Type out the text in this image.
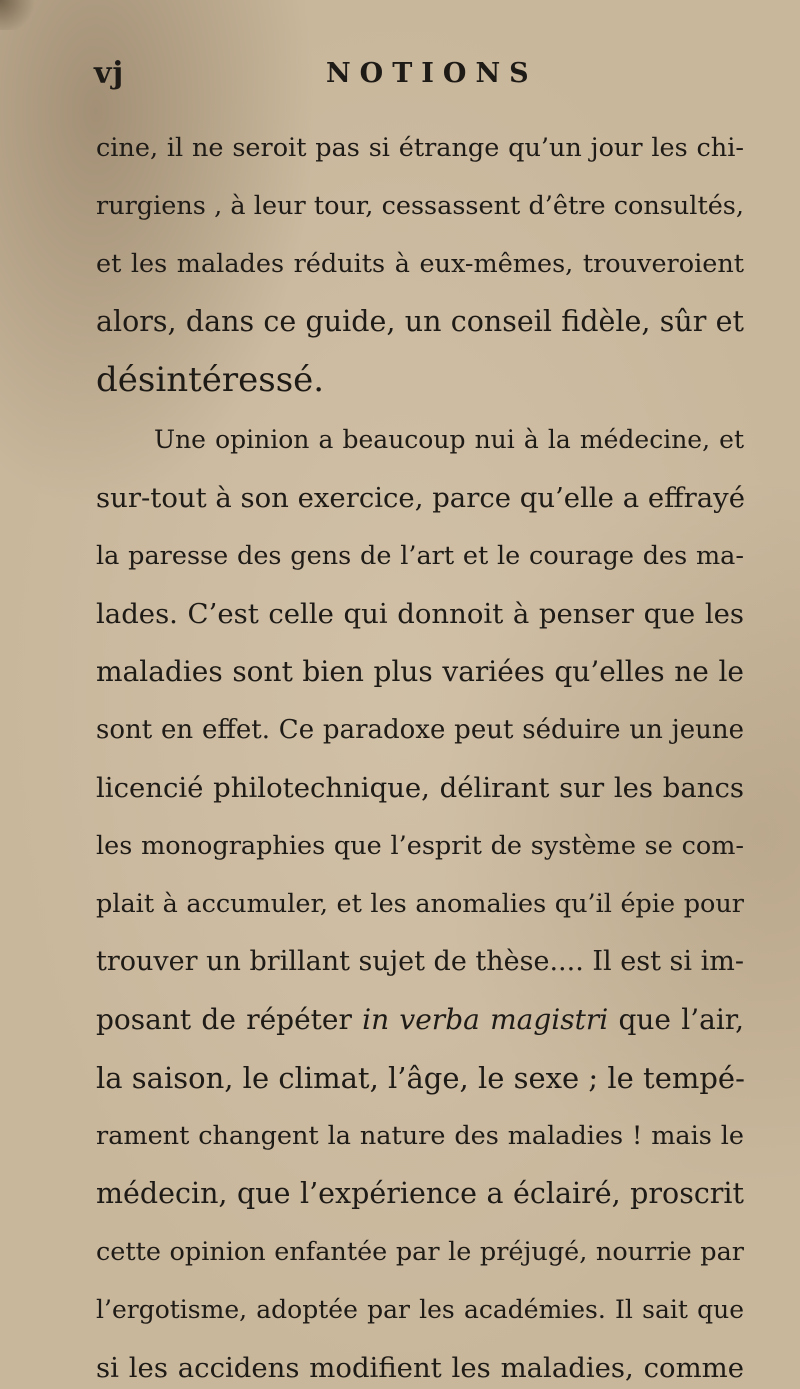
vj	NOTIONS
cine, il ne seroit pas si étrange qu’un jour les chi-
rurgiens , à leur tour, cessassent d’être consultés,
et les malades réduits à eux-mêmes, trouveroient
alors, dans ce guide, un conseil fidèle, sûr et
désintéressé.
Une opinion a beaucoup nui à la médecine, et
sur-tout à son exercice, parce qu’elle a effrayé
la paresse des gens de l’art et le courage des ma-
lades. C’est celle qui donnoit à penser que les
maladies sont bien plus variées qu’elles ne le
sont en effet. Ce paradoxe peut séduire un jeune
licencié philotechnique, délirant sur les bancs
les monographies que l’esprit de système se com-
plait à accumuler, et les anomalies qu’il épie pour
trouver un brillant sujet de thèse.... Il est si im-
posant de répéter in verba magistri que l’air,
la saison, le climat, l’âge, le sexe ; le tempé-
rament changent la nature des maladies ! mais le
médecin, que l’expérience a éclairé, proscrit
cette opinion enfantée par le préjugé, nourrie par
l’ergotisme, adoptée par les académies. Il sait que
si les accidens modifient les maladies, comme
